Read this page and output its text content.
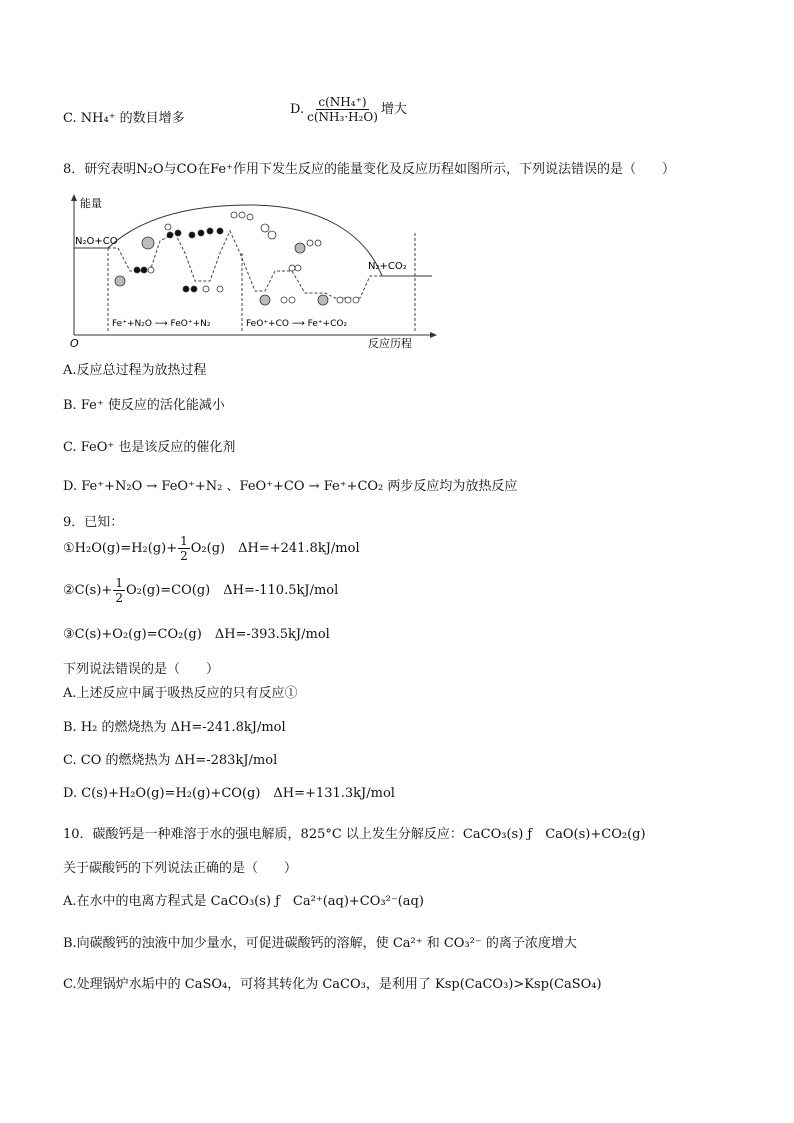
C. NH₄⁺ 的数目增多
D. $\frac{\text{c(NH₄⁺)}}{\text{c(NH₃·H₂O)}}$ 增大
8．研究表明N₂O与CO在Fe⁺作用下发生反应的能量变化及反应历程如图所示，下列说法错误的是（　　）
能量
O	反应历程
N₂O+CO
N₂+CO₂
Fe⁺+N₂O ⟶ FeO⁺+N₂	FeO⁺+CO ⟶ Fe⁺+CO₂
A.反应总过程为放热过程
B. Fe⁺ 使反应的活化能减小
C. FeO⁺ 也是该反应的催化剂
D. Fe⁺+N₂O → FeO⁺+N₂ 、FeO⁺+CO → Fe⁺+CO₂ 两步反应均为放热反应
9．已知：
①H₂O(g)=H₂(g)+ $\frac{1}{2} O_2(g)$　ΔH=+241.8kJ/mol
②C(s)+ $\frac{1}{2} O_2(g)=CO(g)$　ΔH=-110.5kJ/mol
③C(s)+O₂(g)=CO₂(g)　ΔH=-393.5kJ/mol
下列说法错误的是（　　）
A.上述反应中属于吸热反应的只有反应①
B. H₂ 的燃烧热为 ΔH=-241.8kJ/mol
C. CO 的燃烧热为 ΔH=-283kJ/mol
D. C(s)+H₂O(g)=H₂(g)+CO(g)　ΔH=+131.3kJ/mol
10．碳酸钙是一种难溶于水的强电解质，825°C 以上发生分解反应：CaCO₃(s) ƒ　CaO(s)+CO₂(g)
关于碳酸钙的下列说法正确的是（　　）
A.在水中的电离方程式是 CaCO₃(s) ƒ　Ca²⁺(aq)+CO₃²⁻(aq)
B.向碳酸钙的浊液中加少量水，可促进碳酸钙的溶解，使 Ca²⁺ 和 CO₃²⁻ 的离子浓度增大
C.处理锅炉水垢中的 CaSO₄，可将其转化为 CaCO₃，是利用了 Ksp(CaCO₃)>Ksp(CaSO₄)
